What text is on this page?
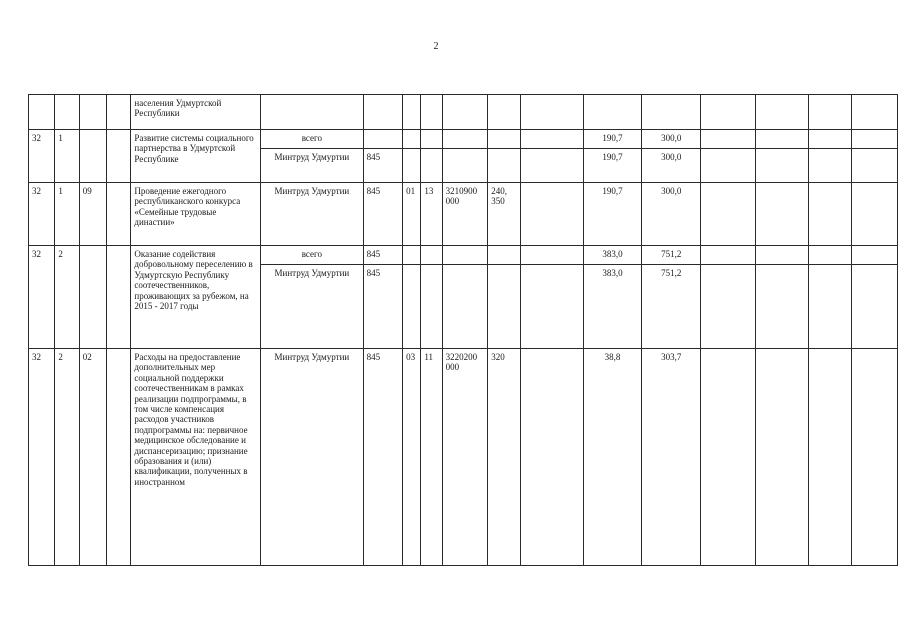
2
				населения Удмуртской Республики													
32	1			Развитие системы социального партнерства в Удмуртской Республике	всего							190,7	300,0				
					Минтруд Удмуртии	845						190,7	300,0				
32	1	09		Проведение ежегодного республиканского конкурса «Семейные трудовые династии»	Минтруд Удмуртии	845	01	13	3210900 000	240, 350		190,7	300,0				
32	2			Оказание содействия добровольному переселению в Удмуртскую Республику соотечественников, проживающих за рубежом, на 2015 - 2017 годы	всего	845						383,0	751,2				
					Минтруд Удмуртии	845						383,0	751,2				
32	2	02		Расходы на предоставление дополнительных мер социальной поддержки соотечественникам в рамках реализации подпрограммы, в том числе компенсация расходов участников подпрограммы на: первичное медицинское обследование и диспансеризацию; признание образования и (или) квалификации, полученных в иностранном	Минтруд Удмуртии	845	03	11	3220200 000	320		38,8	303,7				
